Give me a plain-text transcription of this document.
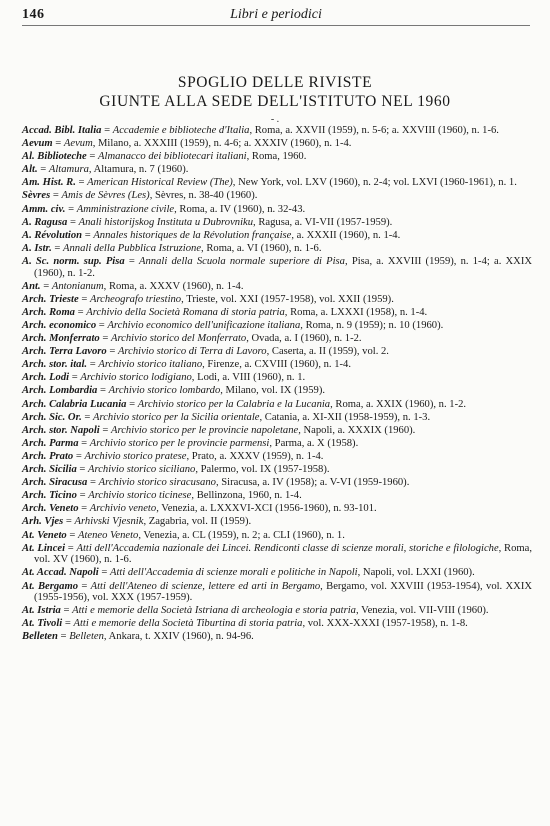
146	Libri e periodici
SPOGLIO DELLE RIVISTE
GIUNTE ALLA SEDE DELL'ISTITUTO NEL 1960
- .
Accad. Bibl. Italia = Accademie e biblioteche d'Italia, Roma, a. XXVII (1959), n. 5-6; a. XXVIII (1960), n. 1-6.
Aevum = Aevum, Milano, a. XXXIII (1959), n. 4-6; a. XXXIV (1960), n. 1-4.
Al. Biblioteche = Almanacco dei bibliotecari italiani, Roma, 1960.
Alt. = Altamura, Altamura, n. 7 (1960).
Am. Hist. R. = American Historical Review (The), New York, vol. LXV (1960), n. 2-4; vol. LXVI (1960-1961), n. 1.
Sèvres = Amis de Sèvres (Les), Sèvres, n. 38-40 (1960).
Amm. civ. = Amministrazione civile, Roma, a. IV (1960), n. 32-43.
A. Ragusa = Anali historijskog Instituta u Dubrovniku, Ragusa, a. VI-VII (1957-1959).
A. Révolution = Annales historiques de la Révolution française, a. XXXII (1960), n. 1-4.
A. Istr. = Annali della Pubblica Istruzione, Roma, a. VI (1960), n. 1-6.
A. Sc. norm. sup. Pisa = Annali della Scuola normale superiore di Pisa, Pisa, a. XXVIII (1959), n. 1-4; a. XXIX (1960), n. 1-2.
Ant. = Antonianum, Roma, a. XXXV (1960), n. 1-4.
Arch. Trieste = Archeografo triestino, Trieste, vol. XXI (1957-1958), vol. XXII (1959).
Arch. Roma = Archivio della Società Romana di storia patria, Roma, a. LXXXI (1958), n. 1-4.
Arch. economico = Archivio economico dell'unificazione italiana, Roma, n. 9 (1959); n. 10 (1960).
Arch. Monferrato = Archivio storico del Monferrato, Ovada, a. I (1960), n. 1-2.
Arch. Terra Lavoro = Archivio storico di Terra di Lavoro, Caserta, a. II (1959), vol. 2.
Arch. stor. ital. = Archivio storico italiano, Firenze, a. CXVIII (1960), n. 1-4.
Arch. Lodi = Archivio storico lodigiano, Lodi, a. VIII (1960), n. 1.
Arch. Lombardia = Archivio storico lombardo, Milano, vol. IX (1959).
Arch. Calabria Lucania = Archivio storico per la Calabria e la Lucania, Roma, a. XXIX (1960), n. 1-2.
Arch. Sic. Or. = Archivio storico per la Sicilia orientale, Catania, a. XI-XII (1958-1959), n. 1-3.
Arch. stor. Napoli = Archivio storico per le provincie napoletane, Napoli, a. XXXIX (1960).
Arch. Parma = Archivio storico per le provincie parmensi, Parma, a. X (1958).
Arch. Prato = Archivio storico pratese, Prato, a. XXXV (1959), n. 1-4.
Arch. Sicilia = Archivio storico siciliano, Palermo, vol. IX (1957-1958).
Arch. Siracusa = Archivio storico siracusano, Siracusa, a. IV (1958); a. V-VI (1959-1960).
Arch. Ticino = Archivio storico ticinese, Bellinzona, 1960, n. 1-4.
Arch. Veneto = Archivio veneto, Venezia, a. LXXXVI-XCI (1956-1960), n. 93-101.
Arh. Vjes = Arhivski Vjesnik, Zagabria, vol. II (1959).
At. Veneto = Ateneo Veneto, Venezia, a. CL (1959), n. 2; a. CLI (1960), n. 1.
At. Lincei = Atti dell'Accademia nazionale dei Lincei. Rendiconti classe di scienze morali, storiche e filologiche, Roma, vol. XV (1960), n. 1-6.
At. Accad. Napoli = Atti dell'Accademia di scienze morali e politiche in Napoli, Napoli, vol. LXXI (1960).
At. Bergamo = Atti dell'Ateneo di scienze, lettere ed arti in Bergamo, Bergamo, vol. XXVIII (1953-1954), vol. XXIX (1955-1956), vol. XXX (1957-1959).
At. Istria = Atti e memorie della Società Istriana di archeologia e storia patria, Venezia, vol. VII-VIII (1960).
At. Tivoli = Atti e memorie della Società Tiburtina di storia patria, vol. XXX-XXXI (1957-1958), n. 1-8.
Belleten = Belleten, Ankara, t. XXIV (1960), n. 94-96.
